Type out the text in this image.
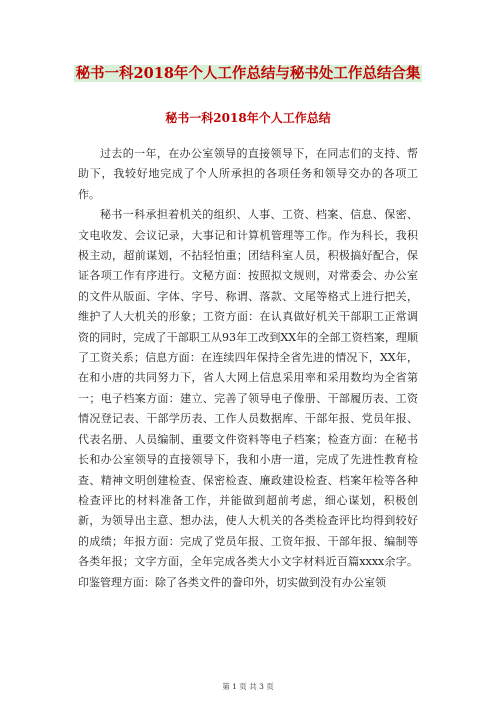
秘书一科2018年个人工作总结与秘书处工作总结合集
秘书一科2018年个人工作总结

过去的一年，在办公室领导的直接领导下，在同志们的支持、帮助下，我较好地完成了个人所承担的各项任务和领导交办的各项工作。

秘书一科承担着机关的组织、人事、工资、档案、信息、保密、文电收发、会议记录，大事记和计算机管理等工作。作为科长，我积极主动，超前谋划，不拈轻怕重；团结科室人员，积极搞好配合，保证各项工作有序进行。文秘方面：按照拟文规则，对常委会、办公室的文件从版面、字体、字号、称谓、落款、文尾等格式上进行把关，维护了人大机关的形象；工资方面：在认真做好机关干部职工正常调资的同时，完成了干部职工从93年工改到XX年的全部工资档案，理顺了工资关系；信息方面：在连续四年保持全省先进的情况下，XX年，在和小唐的共同努力下，省人大网上信息采用率和采用数均为全省第一；电子档案方面：建立、完善了领导电子像册、干部履历表、工资情况登记表、干部学历表、工作人员数据库、干部年报、党员年报、代表名册、人员编制、重要文件资料等电子档案；检查方面：在秘书长和办公室领导的直接领导下，我和小唐一道，完成了先进性教育检查、精神文明创建检查、保密检查、廉政建设检查、档案年检等各种检查评比的材料准备工作，并能做到超前考虑，细心谋划，积极创新，为领导出主意、想办法，使人大机关的各类检查评比均得到较好的成绩；年报方面：完成了党员年报、工资年报、干部年报、编制等各类年报；文字方面，全年完成各类大小文字材料近百篇xxxx余字。印鉴管理方面：除了各类文件的誊印外，切实做到没有办公室领

第 1 页 共 3 页
